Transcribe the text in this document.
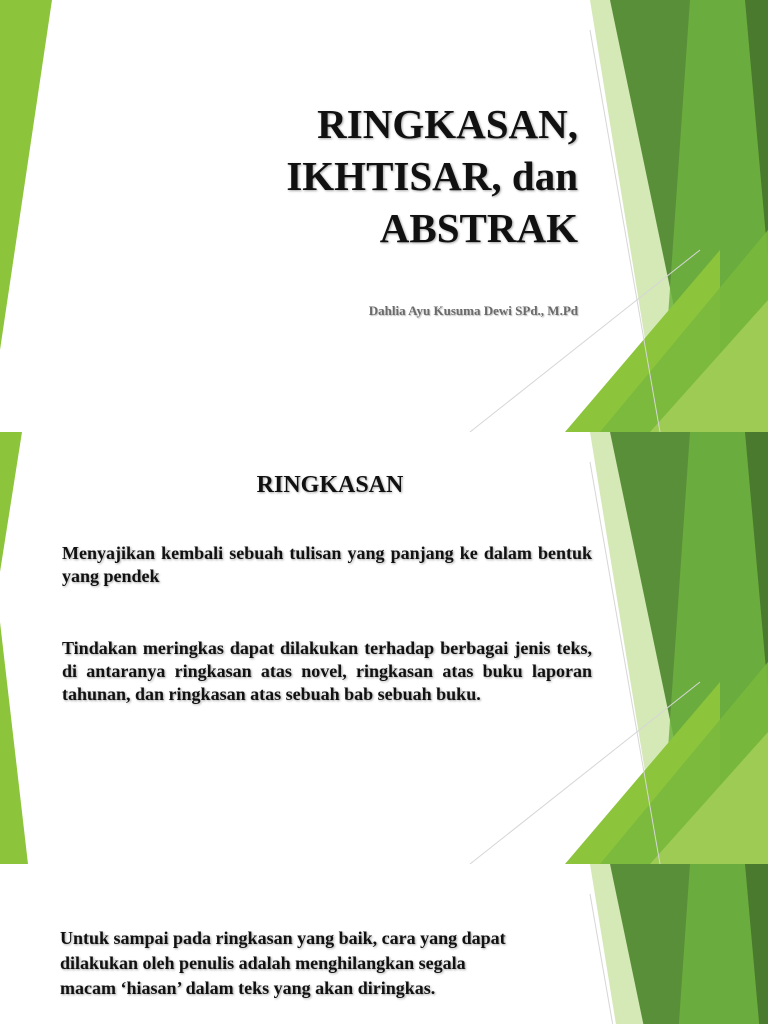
RINGKASAN,
IKHTISAR, dan
ABSTRAK
Dahlia Ayu Kusuma Dewi SPd., M.Pd
RINGKASAN

Menyajikan kembali sebuah tulisan yang panjang ke dalam bentuk yang pendek

Tindakan meringkas dapat dilakukan terhadap berbagai jenis teks, di antaranya ringkasan atas novel, ringkasan atas buku laporan tahunan, dan ringkasan atas sebuah bab sebuah buku.

Untuk sampai pada ringkasan yang baik, cara yang dapat
dilakukan oleh penulis adalah menghilangkan segala
macam ‘hiasan’ dalam teks yang akan diringkas.
